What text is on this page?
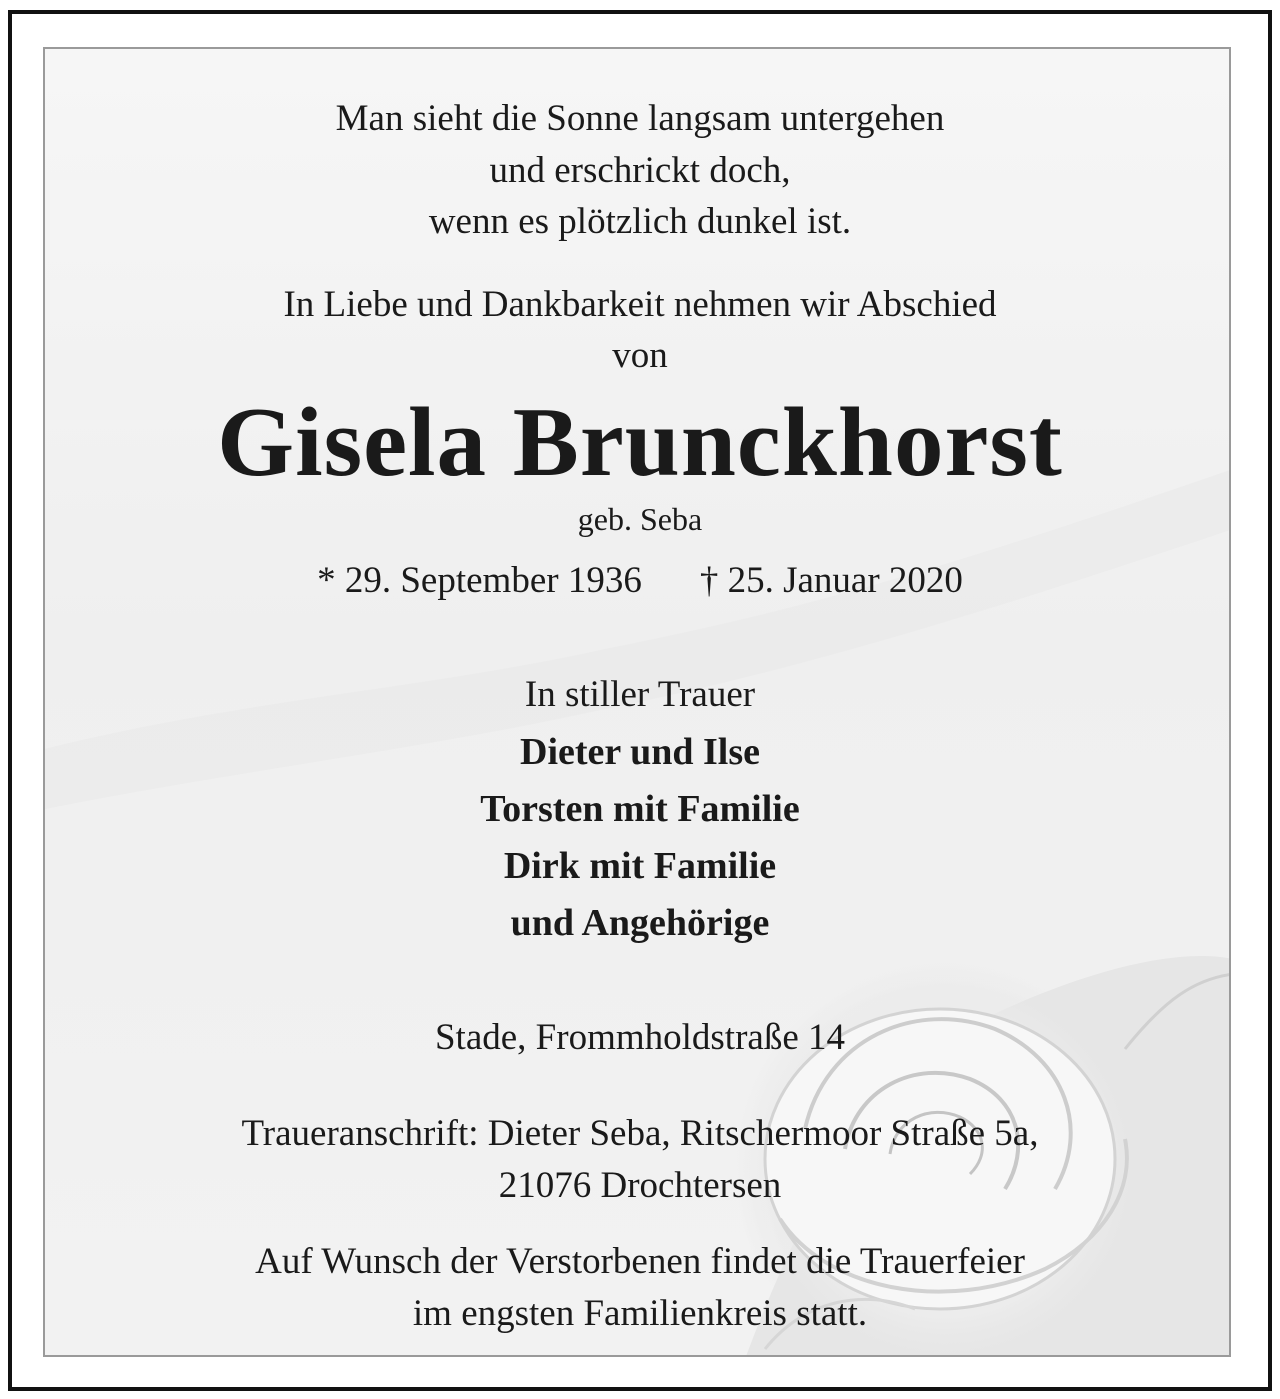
Man sieht die Sonne langsam untergehen
und erschrickt doch,
wenn es plötzlich dunkel ist.
In Liebe und Dankbarkeit nehmen wir Abschied
von
Gisela Brunckhorst
geb. Seba
* 29. September 1936 † 25. Januar 2020
In stiller Trauer
Dieter und Ilse
Torsten mit Familie
Dirk mit Familie
und Angehörige
Stade, Frommholdstraße 14
Traueranschrift: Dieter Seba, Ritschermoor Straße 5a,
21076 Drochtersen
Auf Wunsch der Verstorbenen findet die Trauerfeier
im engsten Familienkreis statt.
